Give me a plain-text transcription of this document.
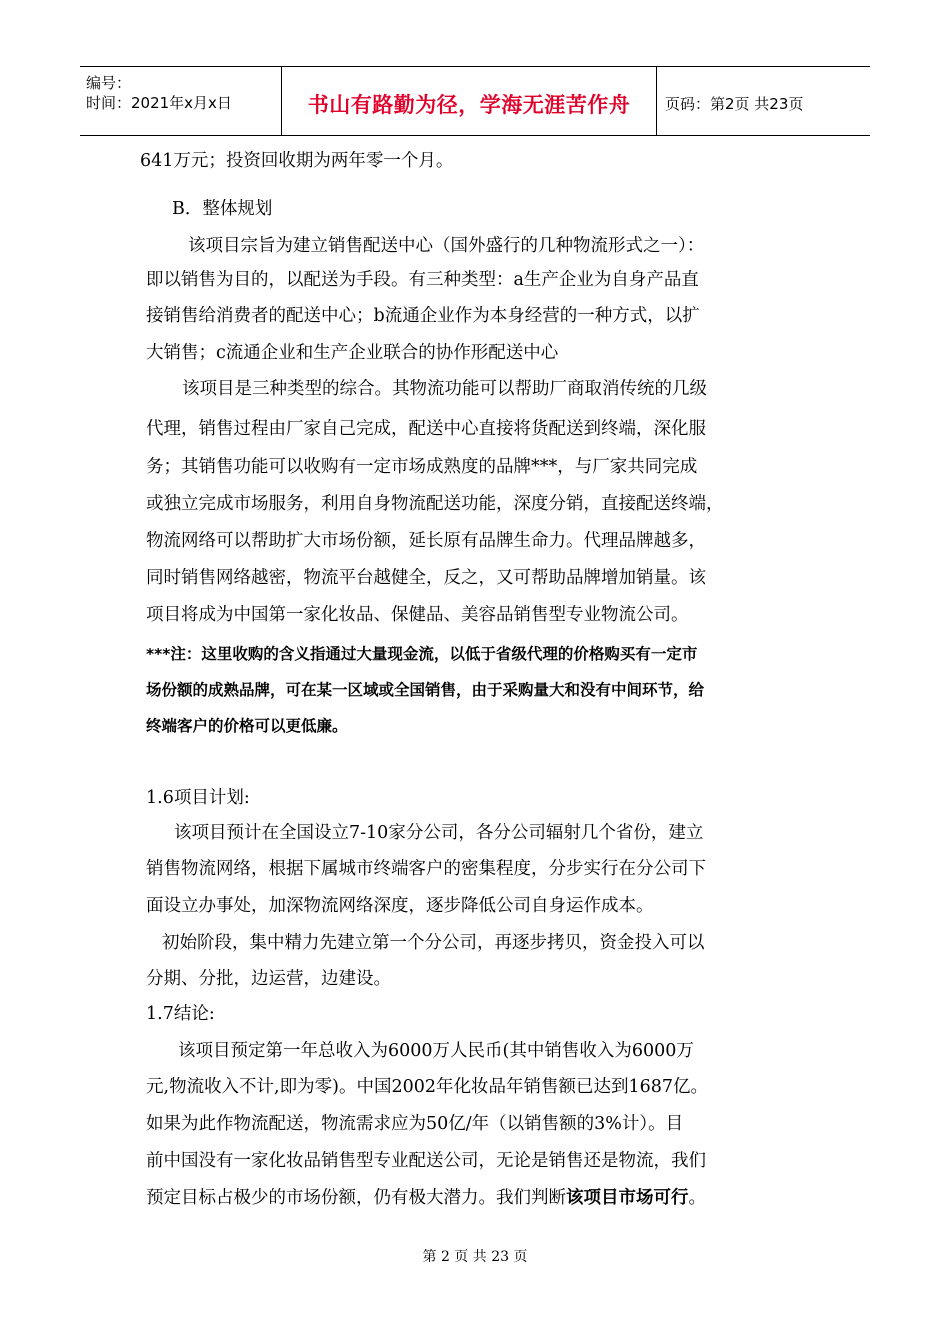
编号：
时间：2021年x月x日	书山有路勤为径，学海无涯苦作舟	页码：第2页 共23页
641万元；投资回收期为两年零一个月。
B．整体规划
该项目宗旨为建立销售配送中心（国外盛行的几种物流形式之一）：
即以销售为目的，以配送为手段。有三种类型：a生产企业为自身产品直
接销售给消费者的配送中心；b流通企业作为本身经营的一种方式，以扩
大销售；c流通企业和生产企业联合的协作形配送中心
该项目是三种类型的综合。其物流功能可以帮助厂商取消传统的几级
代理，销售过程由厂家自己完成，配送中心直接将货配送到终端，深化服
务；其销售功能可以收购有一定市场成熟度的品牌***，与厂家共同完成
或独立完成市场服务，利用自身物流配送功能，深度分销，直接配送终端，
物流网络可以帮助扩大市场份额，延长原有品牌生命力。代理品牌越多，
同时销售网络越密，物流平台越健全，反之，又可帮助品牌增加销量。该
项目将成为中国第一家化妆品、保健品、美容品销售型专业物流公司。
***注：这里收购的含义指通过大量现金流，以低于省级代理的价格购买有一定市
场份额的成熟品牌，可在某一区域或全国销售，由于采购量大和没有中间环节，给
终端客户的价格可以更低廉。
1.6项目计划:
该项目预计在全国设立7-10家分公司，各分公司辐射几个省份，建立
销售物流网络，根据下属城市终端客户的密集程度，分步实行在分公司下
面设立办事处，加深物流网络深度，逐步降低公司自身运作成本。
初始阶段，集中精力先建立第一个分公司，再逐步拷贝，资金投入可以
分期、分批，边运营，边建设。
1.7结论:
该项目预定第一年总收入为6000万人民币(其中销售收入为6000万
元,物流收入不计,即为零)。中国2002年化妆品年销售额已达到1687亿。
如果为此作物流配送，物流需求应为50亿/年（以销售额的3%计）。目
前中国没有一家化妆品销售型专业配送公司，无论是销售还是物流，我们
预定目标占极少的市场份额，仍有极大潜力。我们判断该项目市场可行。
第 2 页 共 23 页
